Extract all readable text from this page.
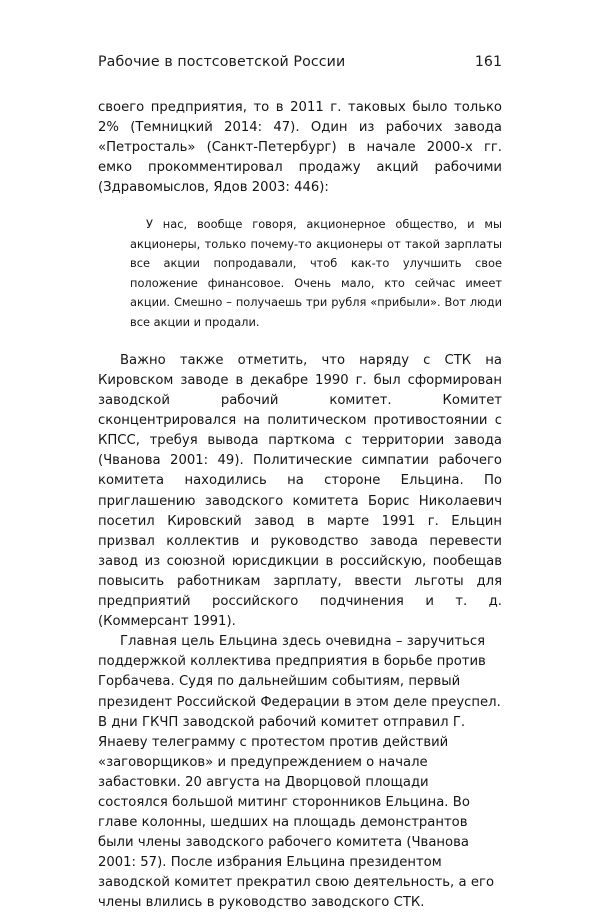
Рабочие в постсоветской России	161

своего предприятия, то в 2011 г. таковых было только 2% (Темницкий 2014: 47). Один из рабочих завода «Петросталь» (Санкт-Петербург) в начале 2000-х гг. емко прокомментировал продажу акций рабочими (Здравомыслов, Ядов 2003: 446):

У нас, вообще говоря, акционерное общество, и мы акционеры, только почему-то акционеры от такой зарплаты все акции попродавали, чтоб как-то улучшить свое положение финансовое. Очень мало, кто сейчас имеет акции. Смешно – получаешь три рубля «прибыли». Вот люди все акции и продали.

Важно также отметить, что наряду с СТК на Кировском заводе в декабре 1990 г. был сформирован заводской рабочий комитет. Комитет сконцентрировался на политическом противостоянии с КПСС, требуя вывода парткома с территории завода (Чванова 2001: 49). Политические симпатии рабочего комитета находились на стороне Ельцина. По приглашению заводского комитета Борис Николаевич посетил Кировский завод в марте 1991 г. Ельцин призвал коллектив и руководство завода перевести завод из союзной юрисдикции в российскую, пообещав повысить работникам зарплату, ввести льготы для предприятий российского подчинения и т. д. (Коммерсант 1991).

Главная цель Ельцина здесь очевидна – заручиться поддержкой коллектива предприятия в борьбе против Горбачева. Судя по дальнейшим событиям, первый президент Российской Федерации в этом деле преуспел. В дни ГКЧП заводской рабочий комитет отправил Г. Янаеву телеграмму с протестом против действий «заговорщиков» и предупреждением о начале забастовки. 20 августа на Дворцовой площади состоялся большой митинг сторонников Ельцина. Во главе колонны, шедших на площадь демонстрантов были члены заводского рабочего комитета (Чванова 2001: 57). После избрания Ельцина президентом заводской комитет прекратил свою деятельность, а его члены влились в руководство заводского СТК.
